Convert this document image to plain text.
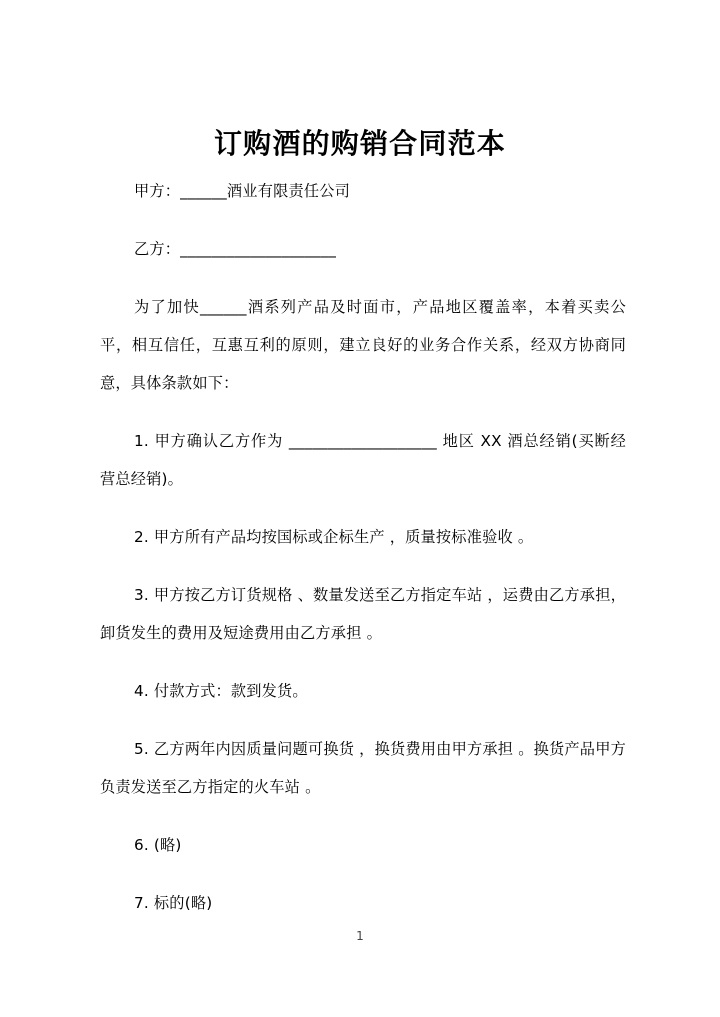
订购酒的购销合同范本

甲方：______酒业有限责任公司

乙方：____________________

为了加快______酒系列产品及时面市，产品地区覆盖率，本着买卖公平，相互信任，互惠互利的原则，建立良好的业务合作关系，经双方协商同意，具体条款如下：

1. 甲方确认乙方作为 ___________________ 地区 XX 酒总经销(买断经营总经销)。

2. 甲方所有产品均按国标或企标生产 ，质量按标准验收 。

3. 甲方按乙方订货规格 、数量发送至乙方指定车站 ，运费由乙方承担，卸货发生的费用及短途费用由乙方承担 。

4. 付款方式：款到发货。

5. 乙方两年内因质量问题可换货 ，换货费用由甲方承担 。换货产品甲方负责发送至乙方指定的火车站 。

6. (略)

7. 标的(略)

1
